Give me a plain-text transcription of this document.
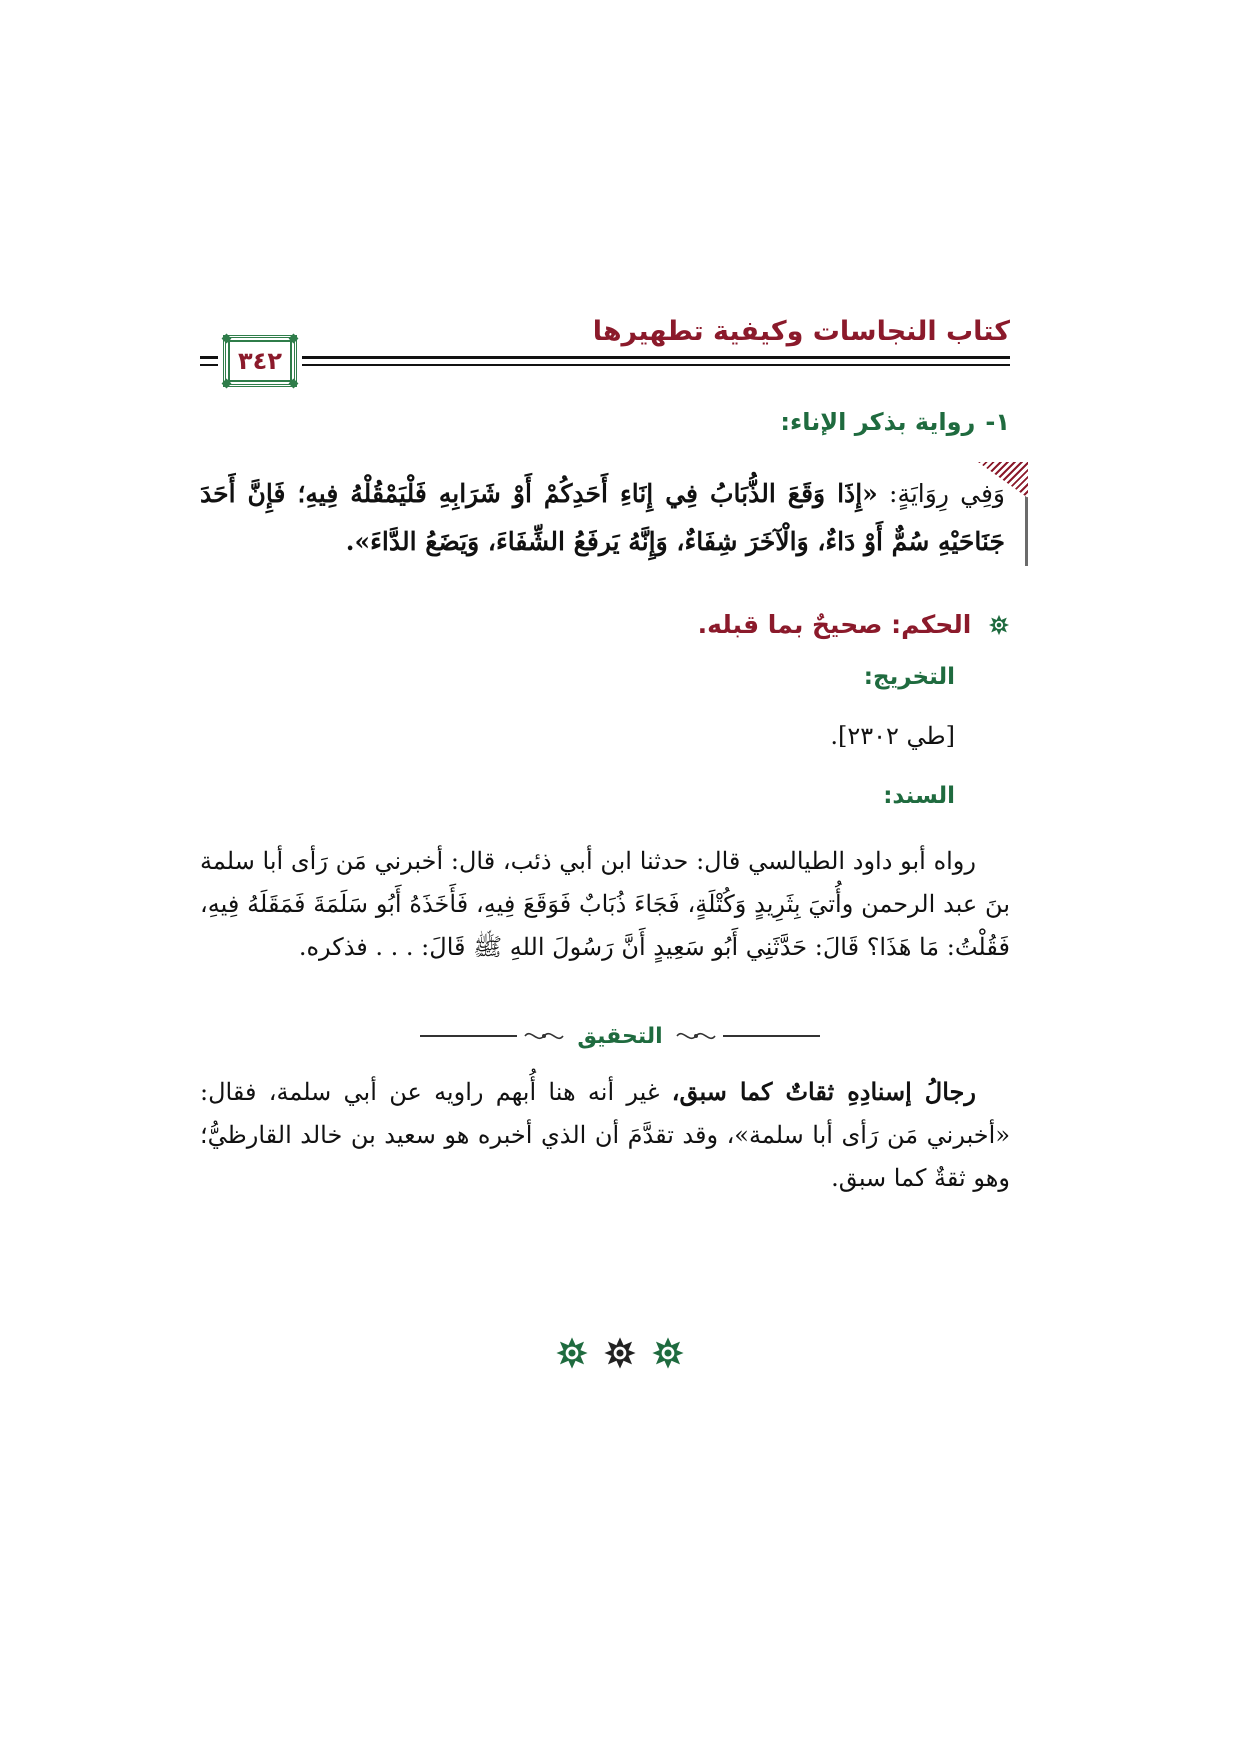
كتاب النجاسات وكيفية تطهيرها
٣٤٢
١-رواية بذكر الإناء:
وَفِي رِوَايَةٍ: «إِذَا وَقَعَ الذُّبَابُ فِي إِنَاءِ أَحَدِكُمْ أَوْ شَرَابِهِ فَلْيَمْقُلْهُ فِيهِ؛ فَإِنَّ أَحَدَ جَنَاحَيْهِ سُمٌّ أَوْ دَاءٌ، وَالْآخَرَ شِفَاءٌ، وَإِنَّهُ يَرفَعُ الشِّفَاءَ، وَيَضَعُ الدَّاءَ».
الحكم: صحيحٌ بما قبله.
التخريج:
[طي ٢٣٠٢].
السند:
رواه أبو داود الطيالسي قال: حدثنا ابن أبي ذئب، قال: أخبرني مَن رَأى أبا سلمة بنَ عبد الرحمن وأُتيَ بِثَرِيدٍ وَكُتْلَةٍ، فَجَاءَ ذُبَابٌ فَوَقَعَ فِيهِ، فَأَخَذَهُ أَبُو سَلَمَةَ فَمَقَلَهُ فِيهِ، فَقُلْتُ: مَا هَذَا؟ قَالَ: حَدَّثَنِي أَبُو سَعِيدٍ أَنَّ رَسُولَ اللهِ ﷺ قَالَ: . . . فذكره.
التحقيق
رجالُ إسنادِهِ ثقاتٌ كما سبق، غير أنه هنا أُبهم راويه عن أبي سلمة، فقال: «أخبرني مَن رَأى أبا سلمة»، وقد تقدَّمَ أن الذي أخبره هو سعيد بن خالد القارظيُّ؛ وهو ثقةٌ كما سبق.
